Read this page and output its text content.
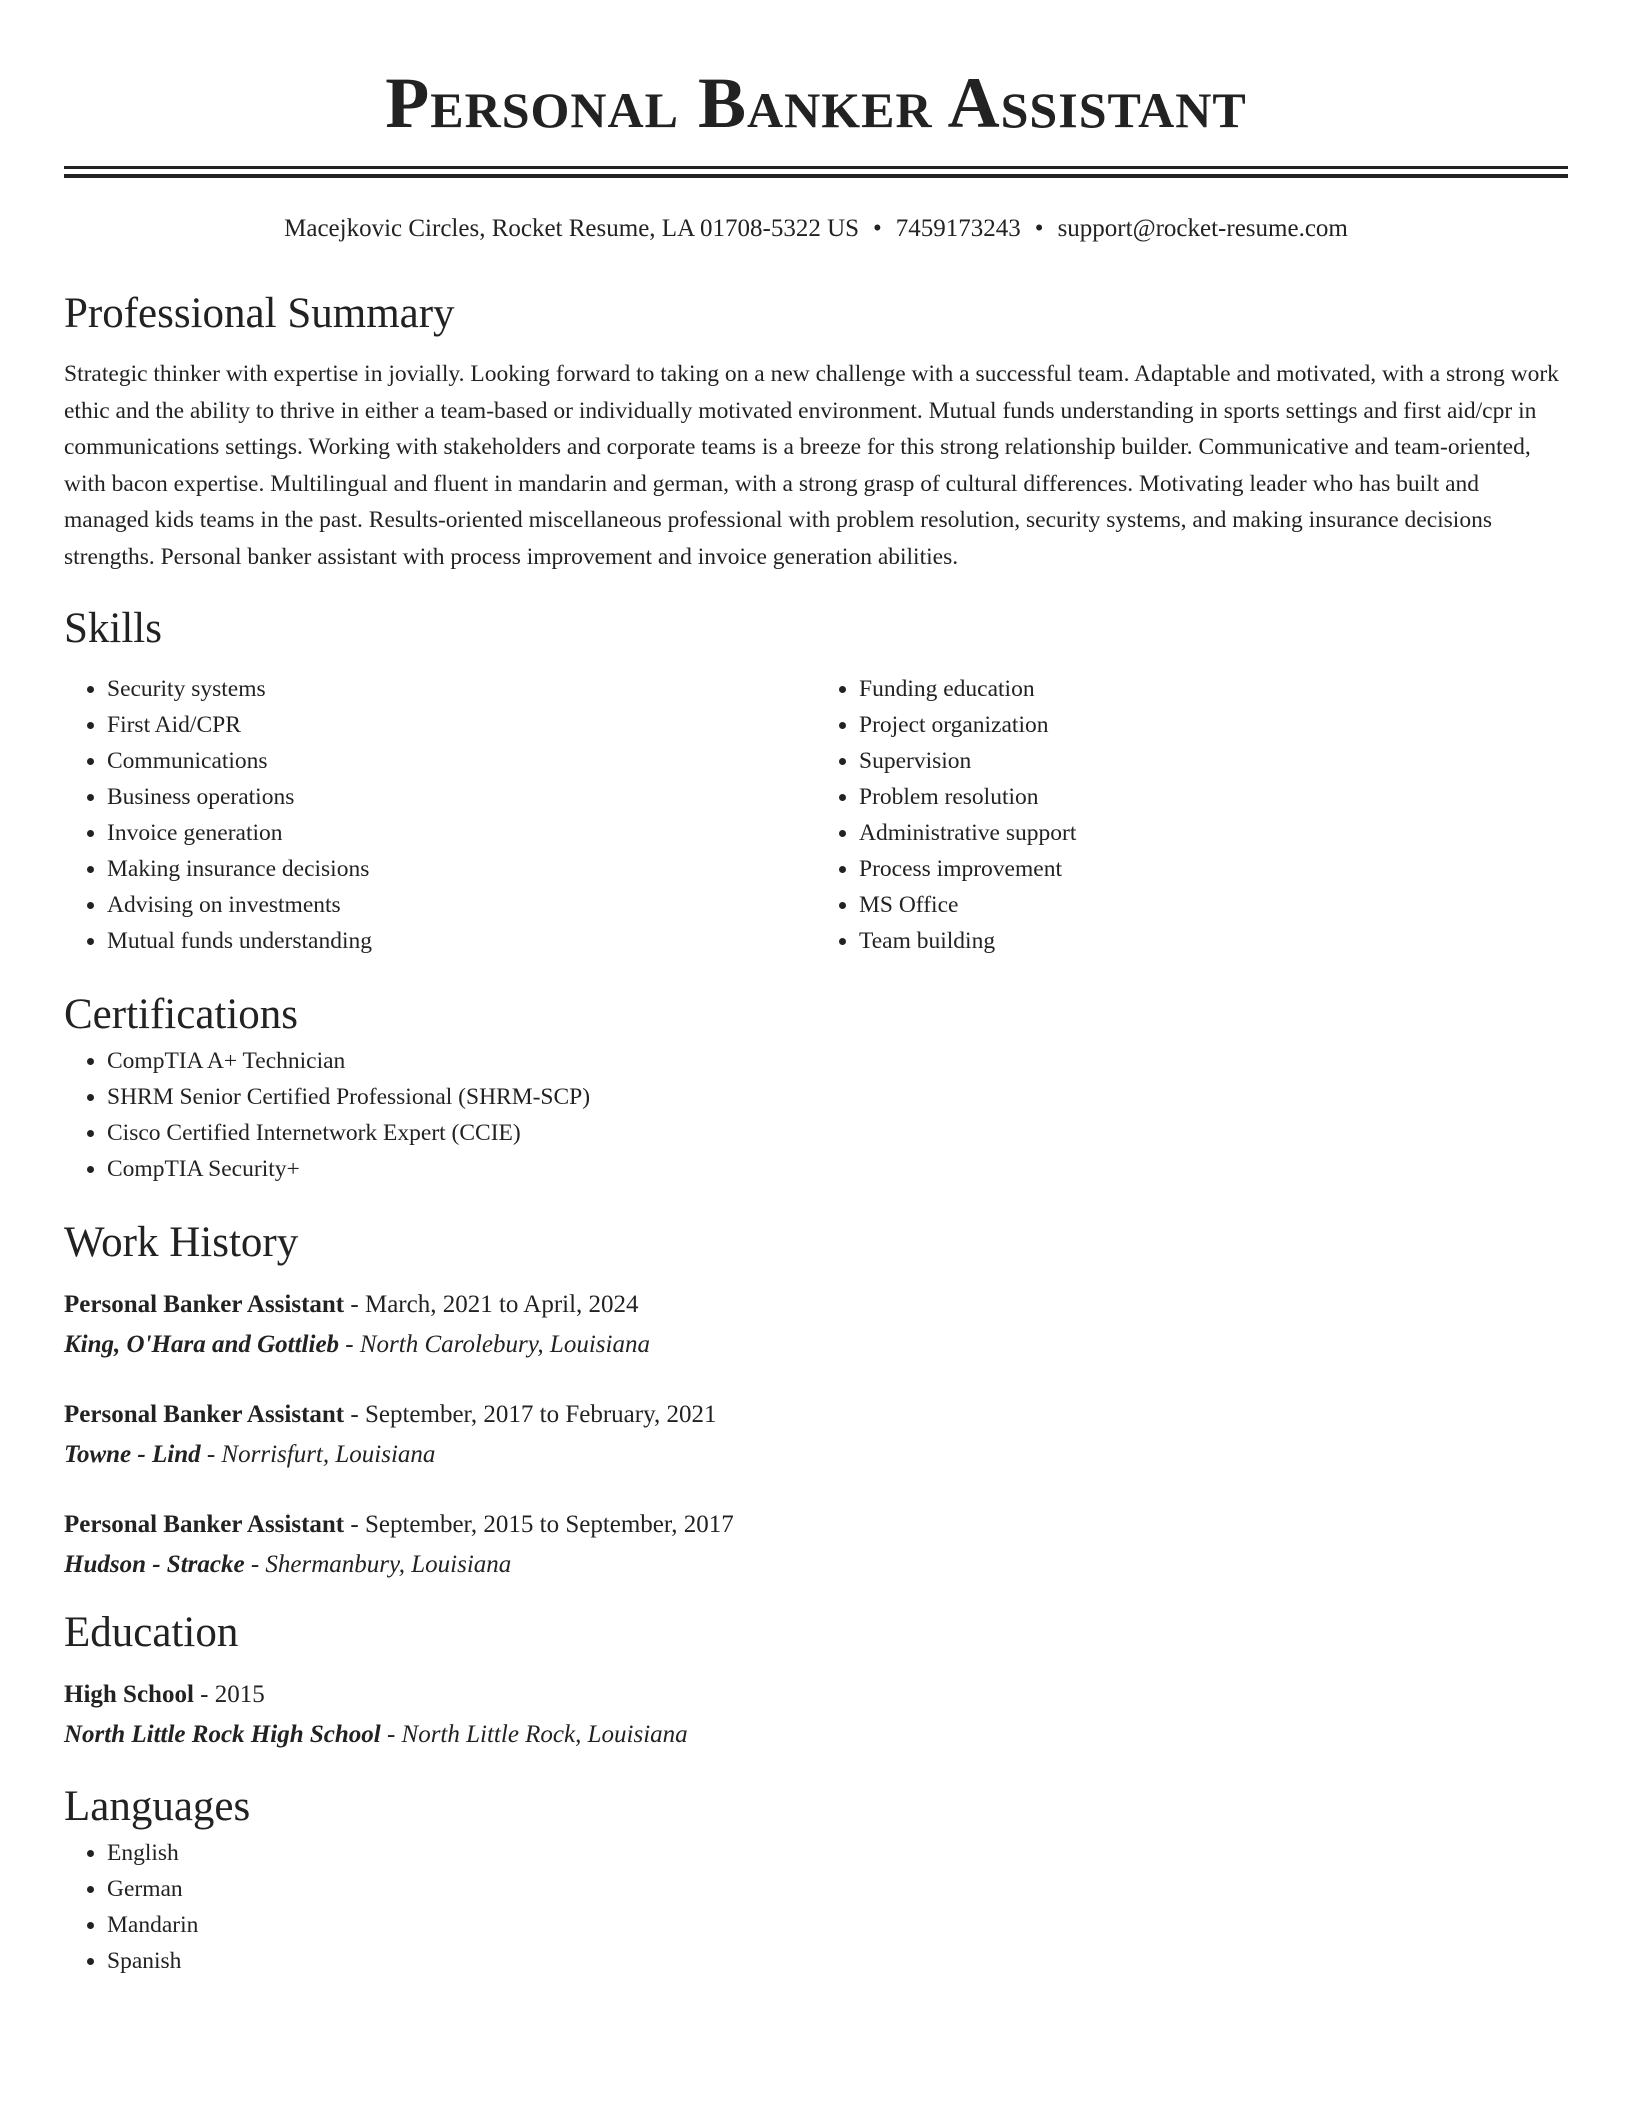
Personal Banker Assistant
Macejkovic Circles, Rocket Resume, LA 01708-5322 US • 7459173243 • support@rocket-resume.com
Professional Summary
Strategic thinker with expertise in jovially. Looking forward to taking on a new challenge with a successful team. Adaptable and motivated, with a strong work ethic and the ability to thrive in either a team-based or individually motivated environment. Mutual funds understanding in sports settings and first aid/cpr in communications settings. Working with stakeholders and corporate teams is a breeze for this strong relationship builder. Communicative and team-oriented, with bacon expertise. Multilingual and fluent in mandarin and german, with a strong grasp of cultural differences. Motivating leader who has built and managed kids teams in the past. Results-oriented miscellaneous professional with problem resolution, security systems, and making insurance decisions strengths. Personal banker assistant with process improvement and invoice generation abilities.
Skills
• Security systems
• First Aid/CPR
• Communications
• Business operations
• Invoice generation
• Making insurance decisions
• Advising on investments
• Mutual funds understanding
• Funding education
• Project organization
• Supervision
• Problem resolution
• Administrative support
• Process improvement
• MS Office
• Team building
Certifications
• CompTIA A+ Technician
• SHRM Senior Certified Professional (SHRM-SCP)
• Cisco Certified Internetwork Expert (CCIE)
• CompTIA Security+
Work History
Personal Banker Assistant - March, 2021 to April, 2024
King, O'Hara and Gottlieb - North Carolebury, Louisiana
Personal Banker Assistant - September, 2017 to February, 2021
Towne - Lind - Norrisfurt, Louisiana
Personal Banker Assistant - September, 2015 to September, 2017
Hudson - Stracke - Shermanbury, Louisiana
Education
High School - 2015
North Little Rock High School - North Little Rock, Louisiana
Languages
• English
• German
• Mandarin
• Spanish
